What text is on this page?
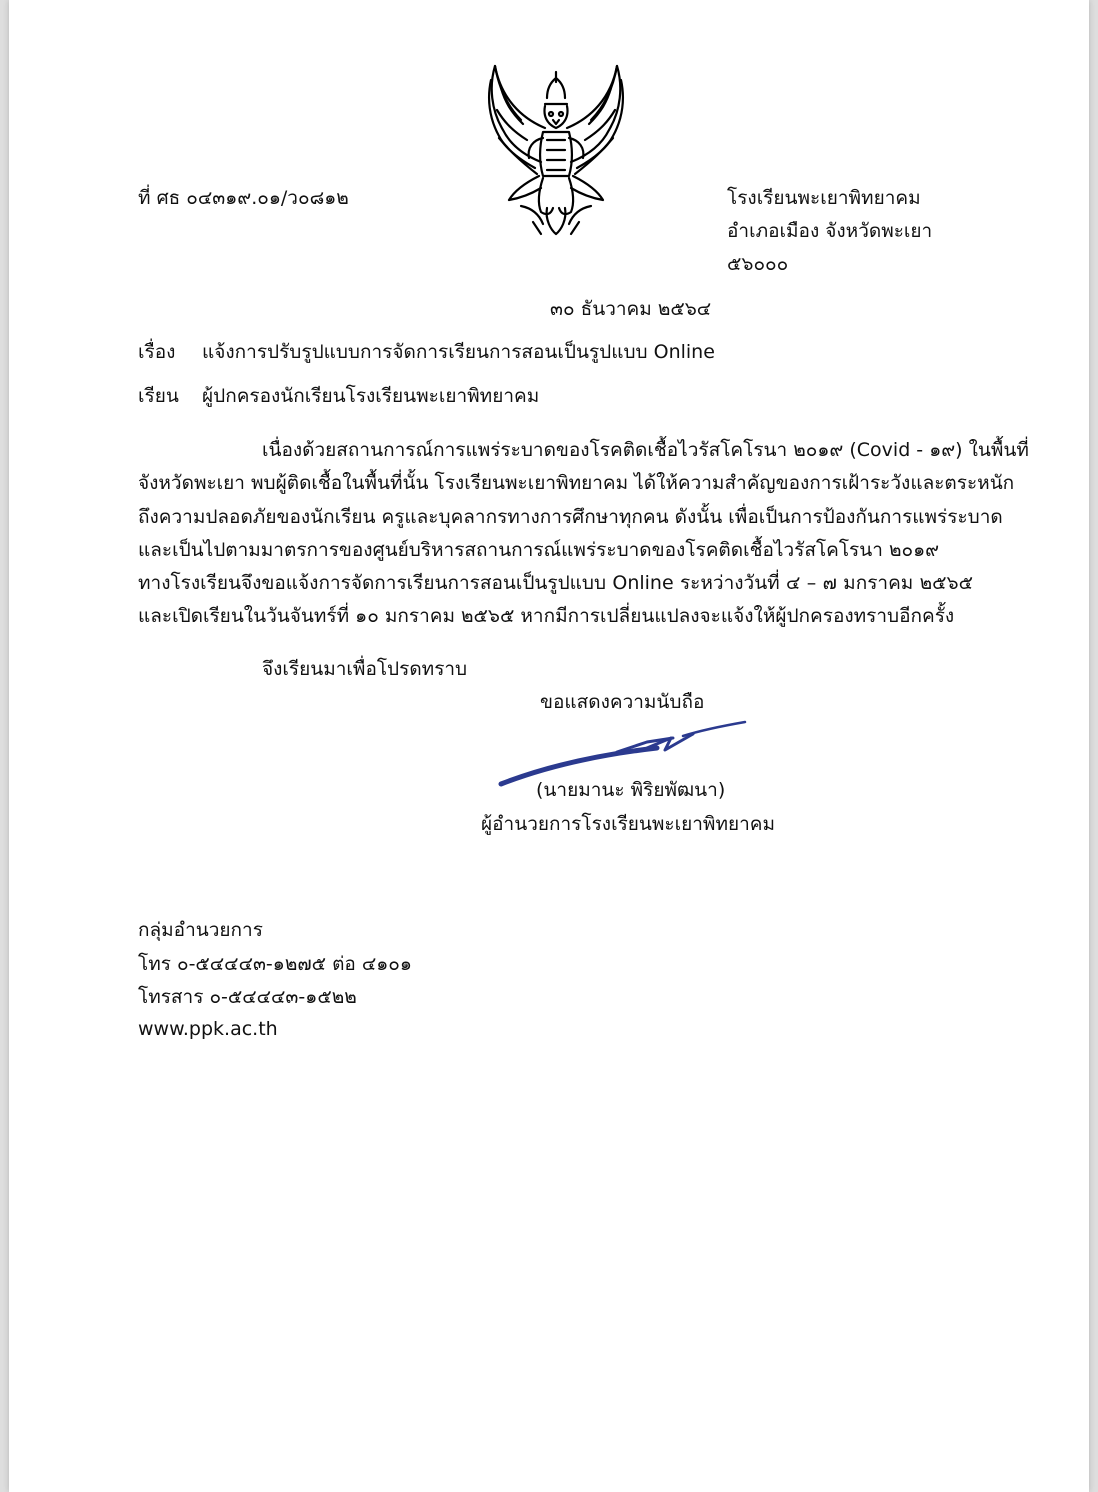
ที่ ศธ ๐๔๓๑๙.๐๑/ว๐๘๑๒	โรงเรียนพะเยาพิทยาคม
อำเภอเมือง จังหวัดพะเยา
๕๖๐๐๐
๓๐ ธันวาคม ๒๕๖๔
เรื่อง แจ้งการปรับรูปแบบการจัดการเรียนการสอนเป็นรูปแบบ Online
เรียน ผู้ปกครองนักเรียนโรงเรียนพะเยาพิทยาคม
เนื่องด้วยสถานการณ์การแพร่ระบาดของโรคติดเชื้อไวรัสโคโรนา ๒๐๑๙ (Covid - ๑๙) ในพื้นที่
จังหวัดพะเยา พบผู้ติดเชื้อในพื้นที่นั้น โรงเรียนพะเยาพิทยาคม ได้ให้ความสำคัญของการเฝ้าระวังและตระหนัก
ถึงความปลอดภัยของนักเรียน ครูและบุคลากรทางการศึกษาทุกคน ดังนั้น เพื่อเป็นการป้องกันการแพร่ระบาด
และเป็นไปตามมาตรการของศูนย์บริหารสถานการณ์แพร่ระบาดของโรคติดเชื้อไวรัสโคโรนา ๒๐๑๙
ทางโรงเรียนจึงขอแจ้งการจัดการเรียนการสอนเป็นรูปแบบ Online ระหว่างวันที่ ๔ – ๗ มกราคม ๒๕๖๕
และเปิดเรียนในวันจันทร์ที่ ๑๐ มกราคม ๒๕๖๕ หากมีการเปลี่ยนแปลงจะแจ้งให้ผู้ปกครองทราบอีกครั้ง
จึงเรียนมาเพื่อโปรดทราบ
ขอแสดงความนับถือ
(นายมานะ พิริยพัฒนา)
ผู้อำนวยการโรงเรียนพะเยาพิทยาคม
กลุ่มอำนวยการ
โทร ๐-๕๔๔๔๓-๑๒๗๕ ต่อ ๔๑๐๑
โทรสาร ๐-๕๔๔๔๓-๑๕๒๒
www.ppk.ac.th
